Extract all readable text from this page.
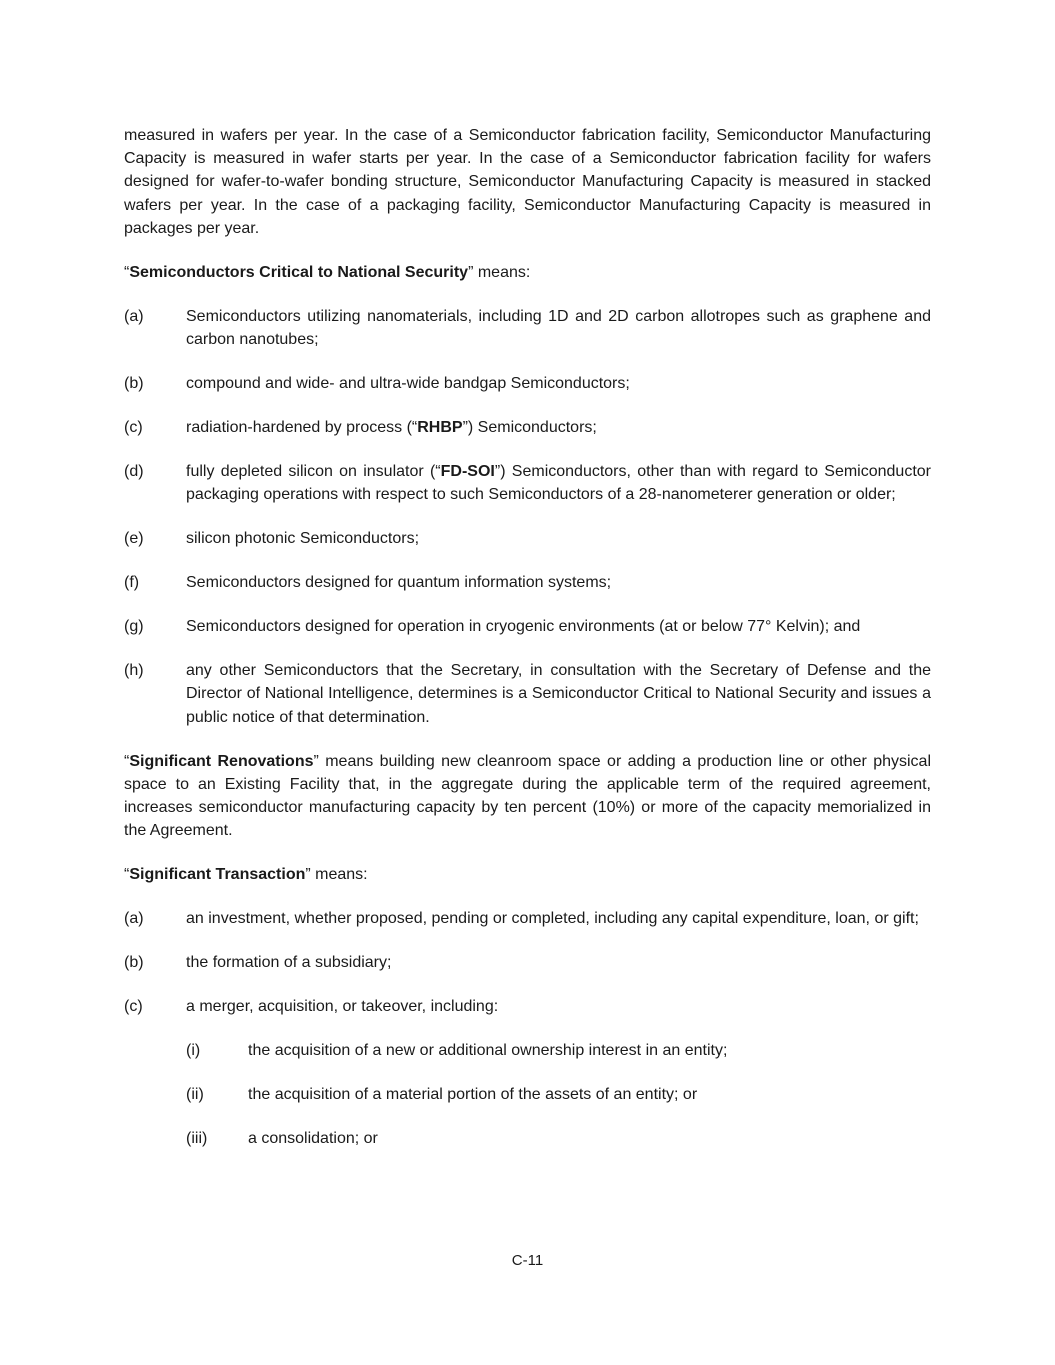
measured in wafers per year. In the case of a Semiconductor fabrication facility, Semiconductor Manufacturing Capacity is measured in wafer starts per year. In the case of a Semiconductor fabrication facility for wafers designed for wafer-to-wafer bonding structure, Semiconductor Manufacturing Capacity is measured in stacked wafers per year. In the case of a packaging facility, Semiconductor Manufacturing Capacity is measured in packages per year.

“Semiconductors Critical to National Security” means:

(a)	Semiconductors utilizing nanomaterials, including 1D and 2D carbon allotropes such as graphene and carbon nanotubes;
(b)	compound and wide- and ultra-wide bandgap Semiconductors;
(c)	radiation-hardened by process (“RHBP”) Semiconductors;
(d)	fully depleted silicon on insulator (“FD-SOI”) Semiconductors, other than with regard to Semiconductor packaging operations with respect to such Semiconductors of a 28-nanometerer generation or older;
(e)	silicon photonic Semiconductors;
(f)	Semiconductors designed for quantum information systems;
(g)	Semiconductors designed for operation in cryogenic environments (at or below 77° Kelvin); and
(h)	any other Semiconductors that the Secretary, in consultation with the Secretary of Defense and the Director of National Intelligence, determines is a Semiconductor Critical to National Security and issues a public notice of that determination.

“Significant Renovations” means building new cleanroom space or adding a production line or other physical space to an Existing Facility that, in the aggregate during the applicable term of the required agreement, increases semiconductor manufacturing capacity by ten percent (10%) or more of the capacity memorialized in the Agreement.

“Significant Transaction” means:

(a)	an investment, whether proposed, pending or completed, including any capital expenditure, loan, or gift;
(b)	the formation of a subsidiary;
(c)	a merger, acquisition, or takeover, including:
(i)	the acquisition of a new or additional ownership interest in an entity;
(ii)	the acquisition of a material portion of the assets of an entity; or
(iii)	a consolidation; or
C-11
